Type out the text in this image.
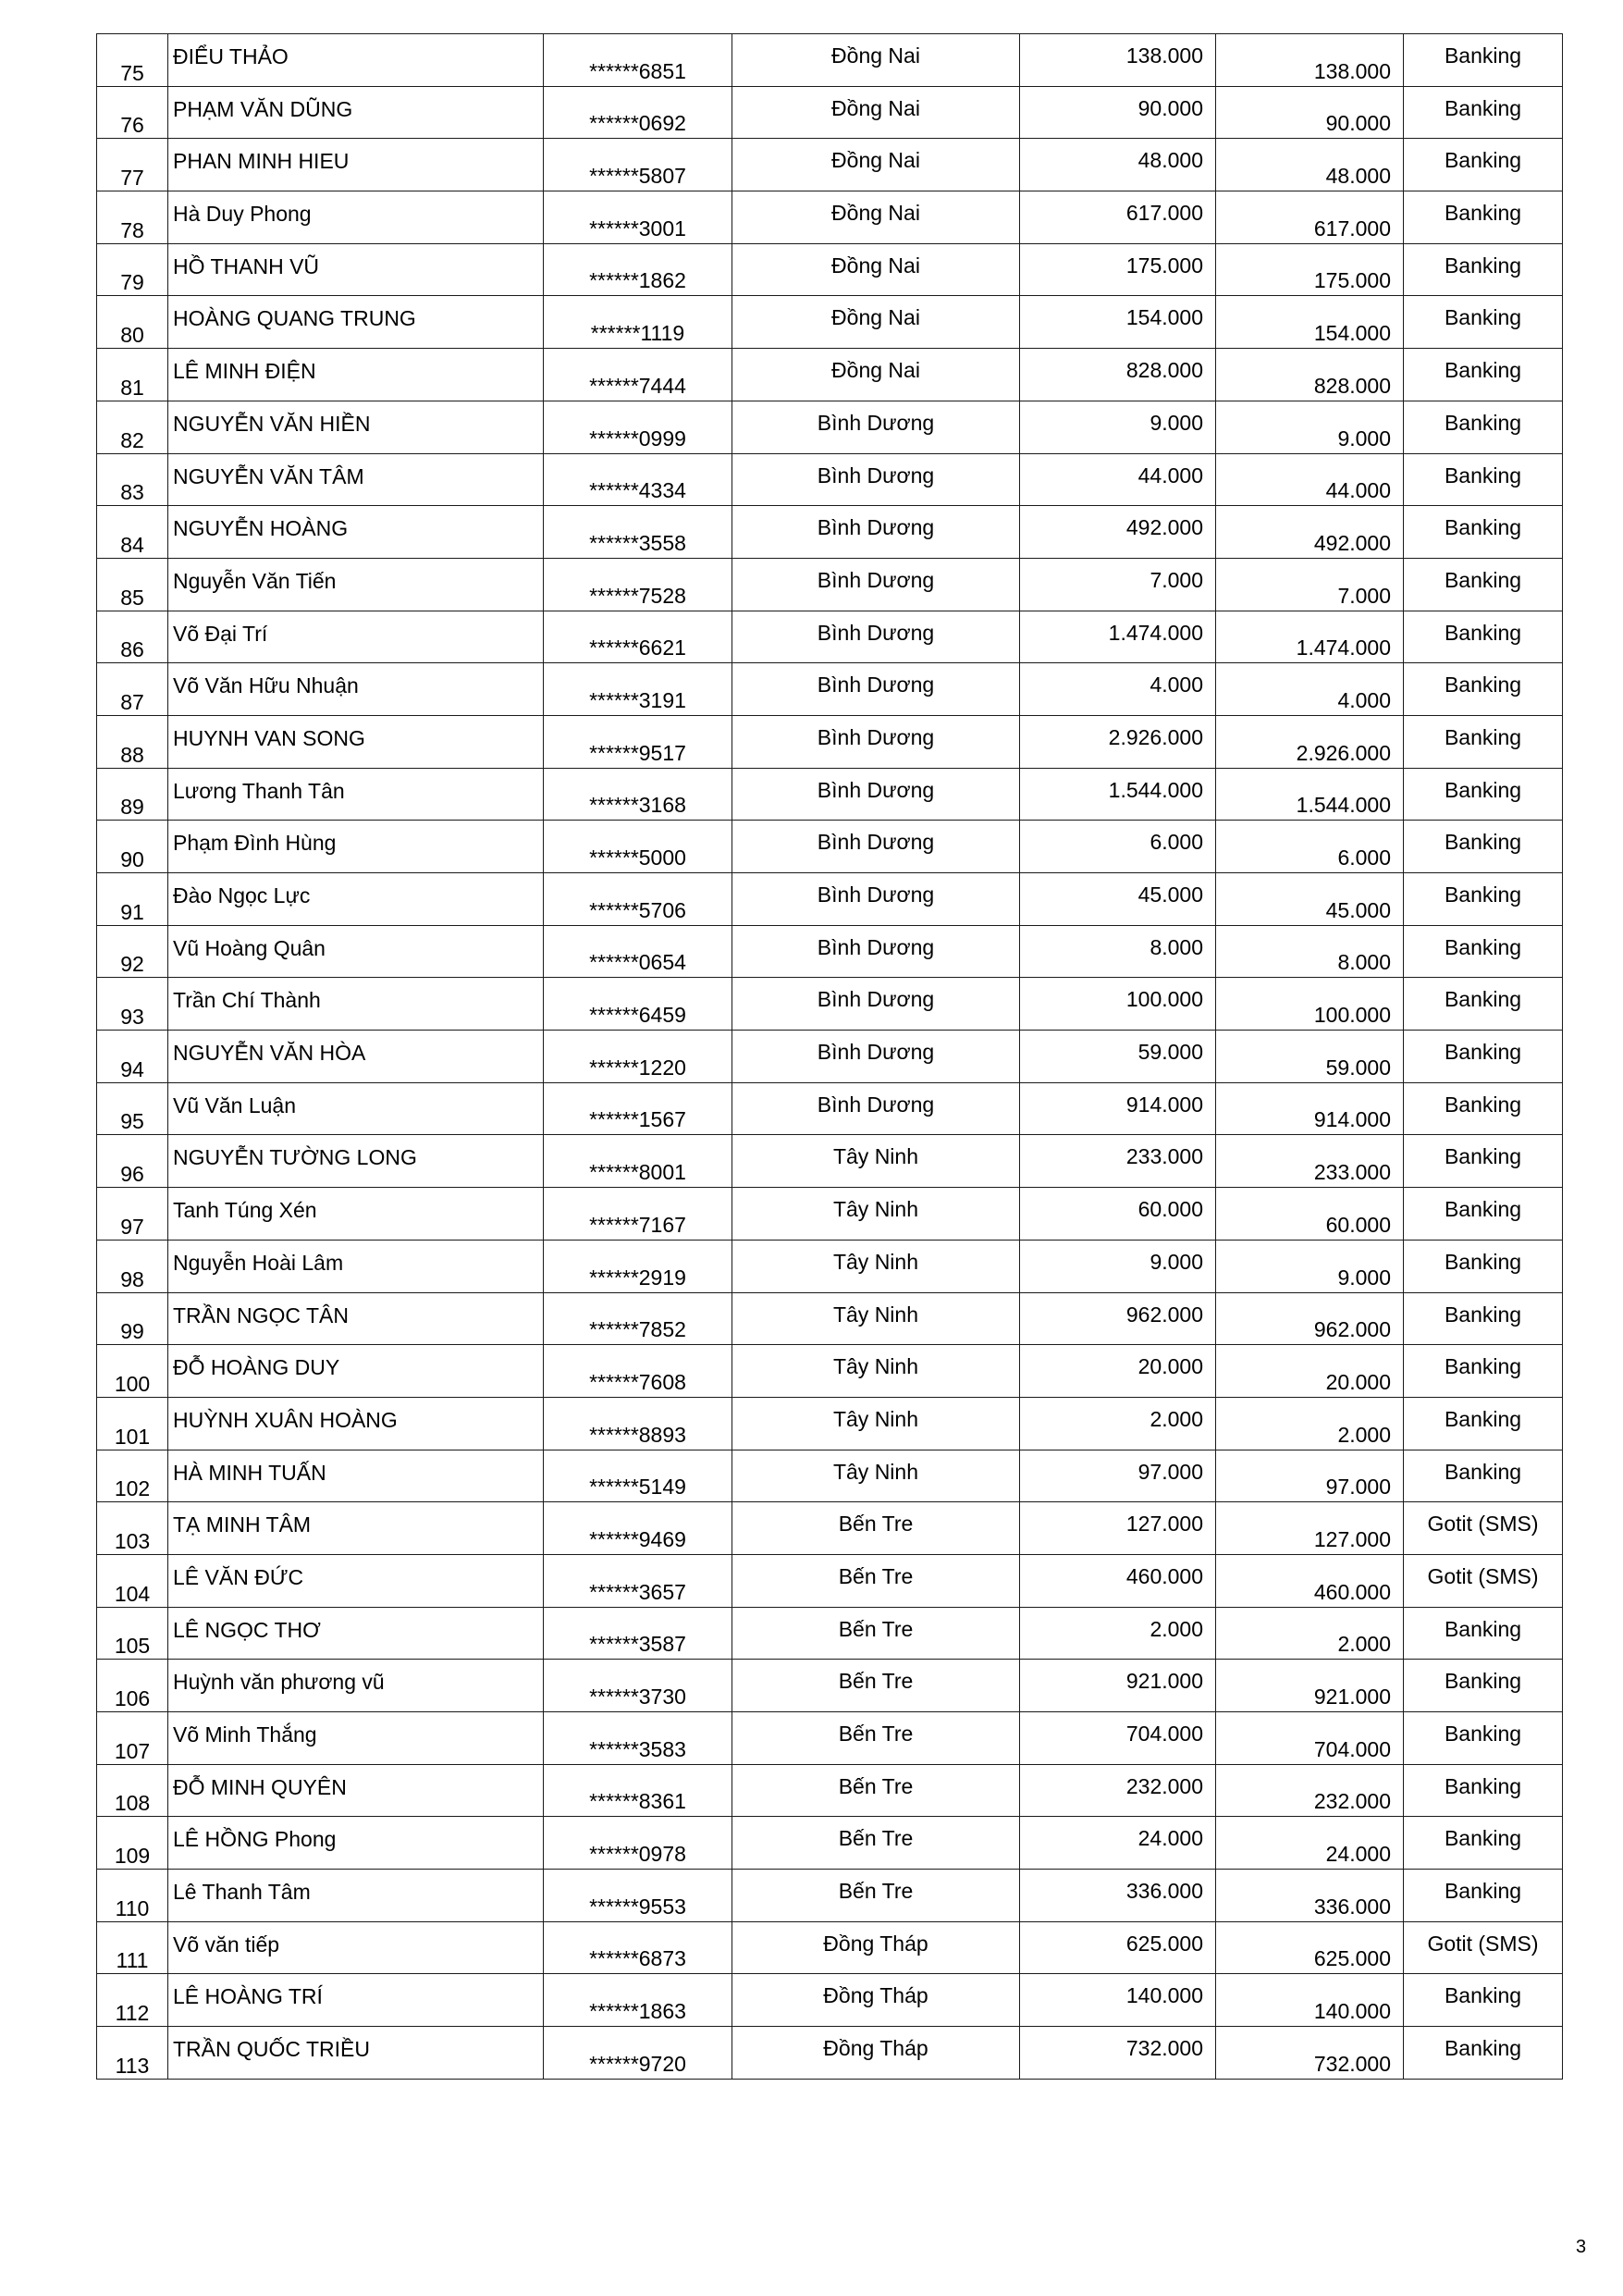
75	ĐIỂU THẢO	******6851	Đồng Nai	138.000	138.000	Banking
76	PHẠM VĂN DŨNG	******0692	Đồng Nai	90.000	90.000	Banking
77	PHAN MINH HIEU	******5807	Đồng Nai	48.000	48.000	Banking
78	Hà Duy Phong	******3001	Đồng Nai	617.000	617.000	Banking
79	HỒ THANH VŨ	******1862	Đồng Nai	175.000	175.000	Banking
80	HOÀNG QUANG TRUNG	******1119	Đồng Nai	154.000	154.000	Banking
81	LÊ MINH ĐIỆN	******7444	Đồng Nai	828.000	828.000	Banking
82	NGUYỄN VĂN HIỀN	******0999	Bình Dương	9.000	9.000	Banking
83	NGUYỄN VĂN TÂM	******4334	Bình Dương	44.000	44.000	Banking
84	NGUYỄN HOÀNG	******3558	Bình Dương	492.000	492.000	Banking
85	Nguyễn Văn Tiến	******7528	Bình Dương	7.000	7.000	Banking
86	Võ Đại Trí	******6621	Bình Dương	1.474.000	1.474.000	Banking
87	Võ Văn Hữu Nhuận	******3191	Bình Dương	4.000	4.000	Banking
88	HUYNH VAN SONG	******9517	Bình Dương	2.926.000	2.926.000	Banking
89	Lương Thanh Tân	******3168	Bình Dương	1.544.000	1.544.000	Banking
90	Phạm Đình Hùng	******5000	Bình Dương	6.000	6.000	Banking
91	Đào Ngọc Lực	******5706	Bình Dương	45.000	45.000	Banking
92	Vũ Hoàng Quân	******0654	Bình Dương	8.000	8.000	Banking
93	Trần Chí Thành	******6459	Bình Dương	100.000	100.000	Banking
94	NGUYỄN VĂN HÒA	******1220	Bình Dương	59.000	59.000	Banking
95	Vũ Văn Luận	******1567	Bình Dương	914.000	914.000	Banking
96	NGUYỄN TƯỜNG LONG	******8001	Tây Ninh	233.000	233.000	Banking
97	Tanh Túng Xén	******7167	Tây Ninh	60.000	60.000	Banking
98	Nguyễn Hoài Lâm	******2919	Tây Ninh	9.000	9.000	Banking
99	TRẦN NGỌC TÂN	******7852	Tây Ninh	962.000	962.000	Banking
100	ĐỖ HOÀNG DUY	******7608	Tây Ninh	20.000	20.000	Banking
101	HUỲNH XUÂN HOÀNG	******8893	Tây Ninh	2.000	2.000	Banking
102	HÀ MINH TUẤN	******5149	Tây Ninh	97.000	97.000	Banking
103	TẠ MINH TÂM	******9469	Bến Tre	127.000	127.000	Gotit (SMS)
104	LÊ VĂN ĐỨC	******3657	Bến Tre	460.000	460.000	Gotit (SMS)
105	LÊ NGỌC THƠ	******3587	Bến Tre	2.000	2.000	Banking
106	Huỳnh văn phương vũ	******3730	Bến Tre	921.000	921.000	Banking
107	Võ Minh Thắng	******3583	Bến Tre	704.000	704.000	Banking
108	ĐỖ MINH QUYÊN	******8361	Bến Tre	232.000	232.000	Banking
109	LÊ HỒNG Phong	******0978	Bến Tre	24.000	24.000	Banking
110	Lê Thanh Tâm	******9553	Bến Tre	336.000	336.000	Banking
111	Võ văn tiếp	******6873	Đồng Tháp	625.000	625.000	Gotit (SMS)
112	LÊ HOÀNG TRÍ	******1863	Đồng Tháp	140.000	140.000	Banking
113	TRẦN QUỐC TRIỀU	******9720	Đồng Tháp	732.000	732.000	Banking
3
